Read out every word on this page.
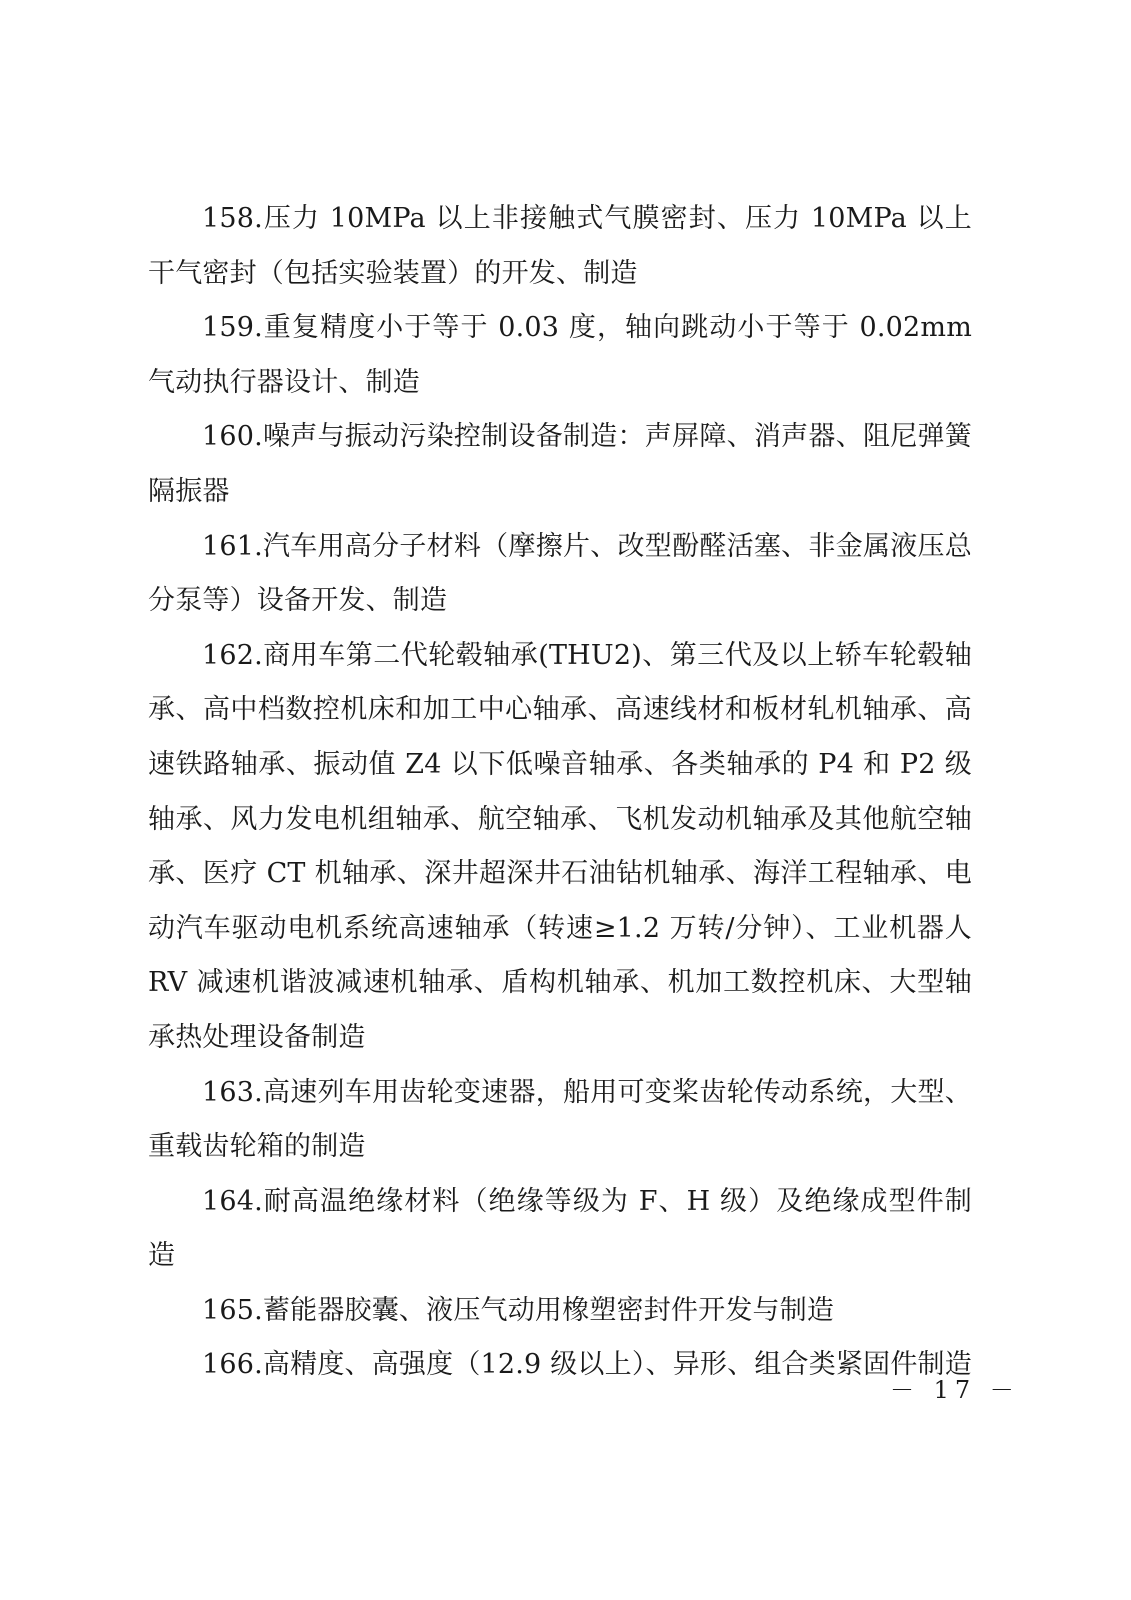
158.压力 10MPa 以上非接触式气膜密封、压力 10MPa 以上干气密封（包括实验装置）的开发、制造

159.重复精度小于等于 0.03 度，轴向跳动小于等于 0.02mm 气动执行器设计、制造

160.噪声与振动污染控制设备制造：声屏障、消声器、阻尼弹簧隔振器

161.汽车用高分子材料（摩擦片、改型酚醛活塞、非金属液压总分泵等）设备开发、制造

162.商用车第二代轮毂轴承(THU2)、第三代及以上轿车轮毂轴承、高中档数控机床和加工中心轴承、高速线材和板材轧机轴承、高速铁路轴承、振动值 Z4 以下低噪音轴承、各类轴承的 P4 和 P2 级轴承、风力发电机组轴承、航空轴承、飞机发动机轴承及其他航空轴承、医疗 CT 机轴承、深井超深井石油钻机轴承、海洋工程轴承、电动汽车驱动电机系统高速轴承（转速≥1.2 万转/分钟）、工业机器人 RV 减速机谐波减速机轴承、盾构机轴承、机加工数控机床、大型轴承热处理设备制造

163.高速列车用齿轮变速器，船用可变桨齿轮传动系统，大型、重载齿轮箱的制造

164.耐高温绝缘材料（绝缘等级为 F、H 级）及绝缘成型件制造

165.蓄能器胶囊、液压气动用橡塑密封件开发与制造

166.高精度、高强度（12.9 级以上）、异形、组合类紧固件制造

－ 17 －
